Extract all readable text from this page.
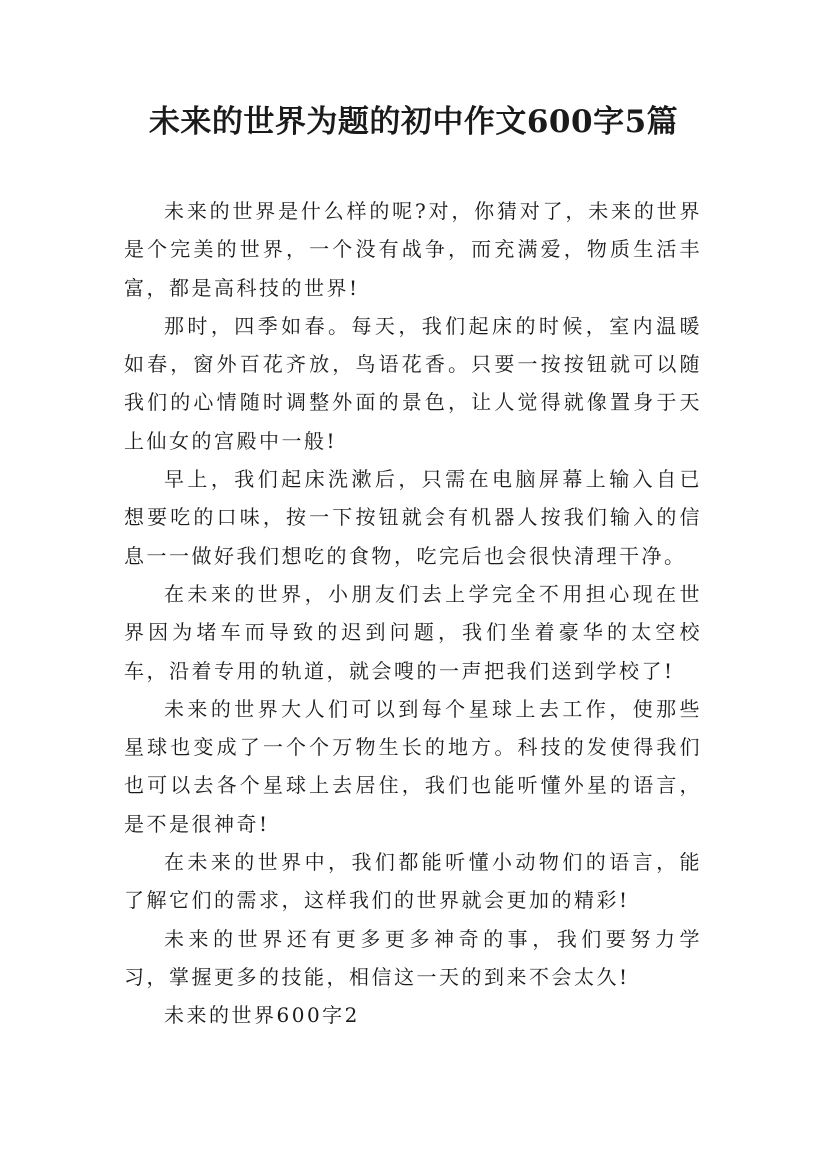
未来的世界为题的初中作文600字5篇

未来的世界是什么样的呢?对，你猜对了，未来的世界是个完美的世界，一个没有战争，而充满爱，物质生活丰富，都是高科技的世界!

那时，四季如春。每天，我们起床的时候，室内温暖如春，窗外百花齐放，鸟语花香。只要一按按钮就可以随我们的心情随时调整外面的景色，让人觉得就像置身于天上仙女的宫殿中一般!

早上，我们起床洗漱后，只需在电脑屏幕上输入自已想要吃的口味，按一下按钮就会有机器人按我们输入的信息一一做好我们想吃的食物，吃完后也会很快清理干净。

在未来的世界，小朋友们去上学完全不用担心现在世界因为堵车而导致的迟到问题，我们坐着豪华的太空校车，沿着专用的轨道，就会嗖的一声把我们送到学校了!

未来的世界大人们可以到每个星球上去工作，使那些星球也变成了一个个万物生长的地方。科技的发使得我们也可以去各个星球上去居住，我们也能听懂外星的语言，是不是很神奇!

在未来的世界中，我们都能听懂小动物们的语言，能了解它们的需求，这样我们的世界就会更加的精彩!

未来的世界还有更多更多神奇的事，我们要努力学习，掌握更多的技能，相信这一天的到来不会太久!

未来的世界600字2
